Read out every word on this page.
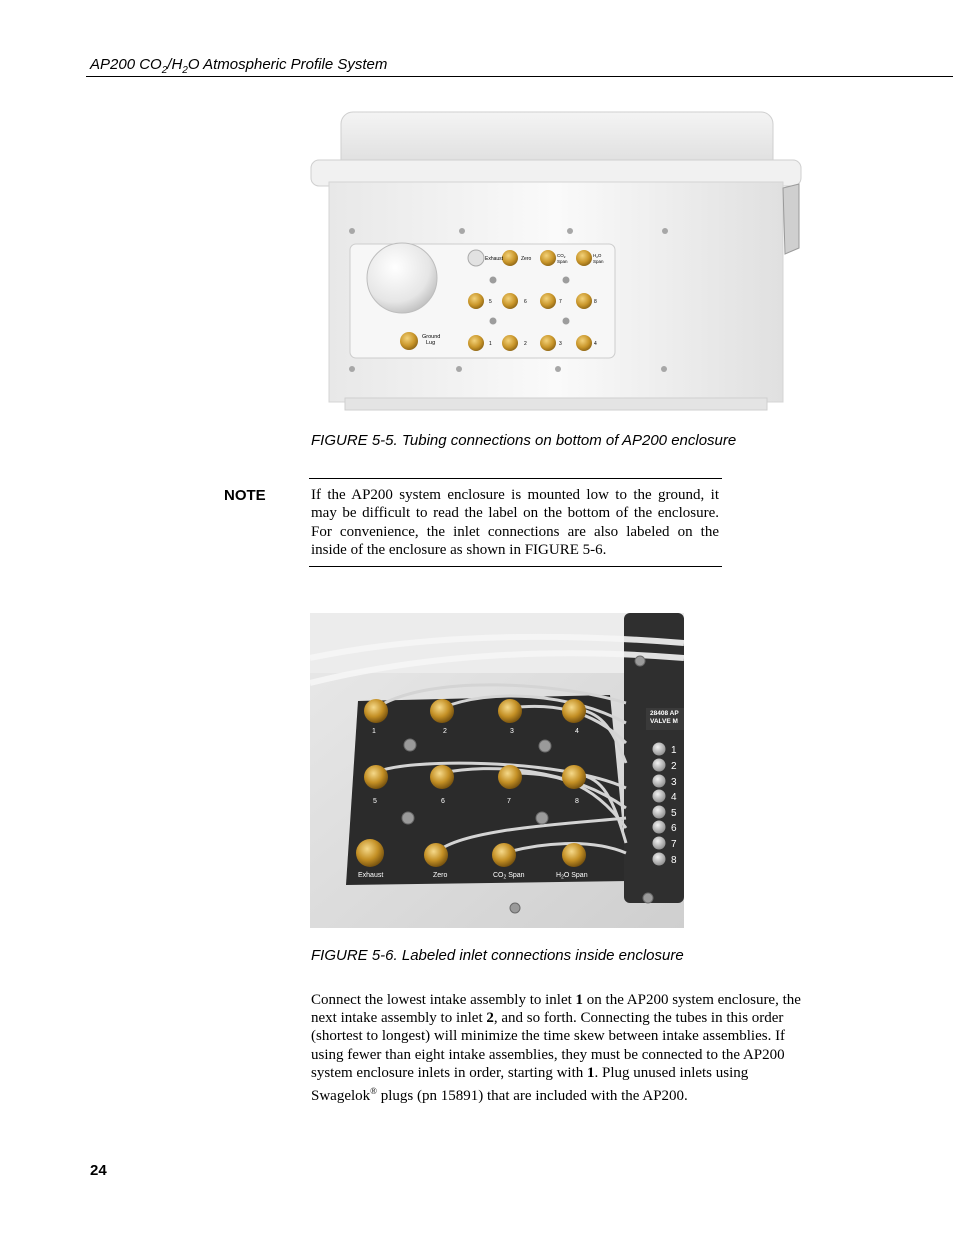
AP200 $CO_2/H_2O$ Atmospheric Profile System
Ground
Lug
Exhaust	Zero
$CO_2$
Span
$H_2O$
Span
5	6	7	8
1	2	3	4
FIGURE 5-5. Tubing connections on bottom of AP200 enclosure
NOTE	If the AP200 system enclosure is mounted low to the ground, it may be difficult to read the label on the bottom of the enclosure. For convenience, the inlet connections are also labeled on the inside of the enclosure as shown in FIGURE 5-6.
28408 AP
VALVE M
1
2
3
4
5
6
7
8
1	2	3	4
5	6	7	8
Exhaust	Zero	$CO_2$ Span	$H_2O$ Span
FIGURE 5-6. Labeled inlet connections inside enclosure
Connect the lowest intake assembly to inlet 1 on the AP200 system enclosure, the next intake assembly to inlet 2, and so forth. Connecting the tubes in this order (shortest to longest) will minimize the time skew between intake assemblies. If using fewer than eight intake assemblies, they must be connected to the AP200 system enclosure inlets in order, starting with 1. Plug unused inlets using Swagelok® plugs (pn 15891) that are included with the AP200.
24
